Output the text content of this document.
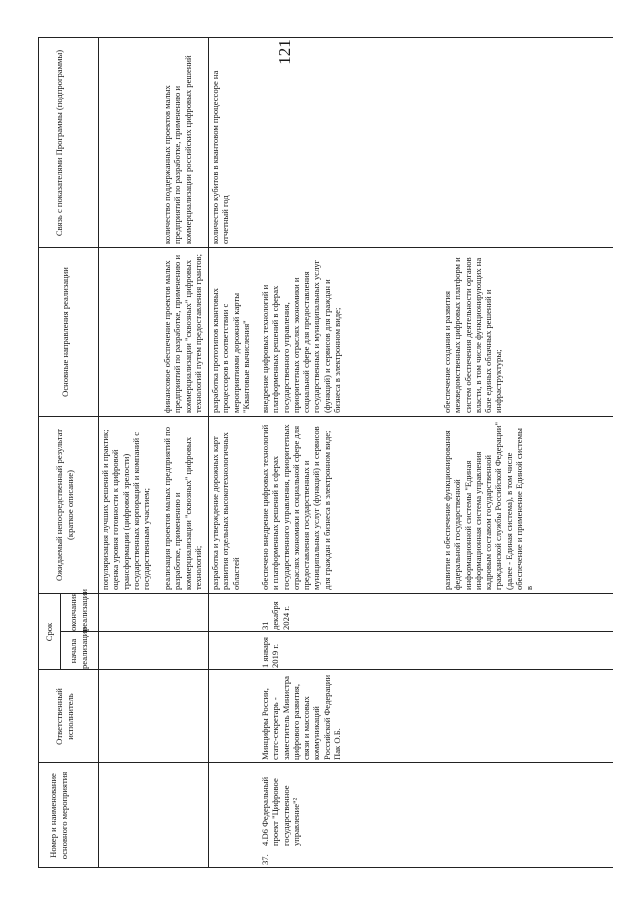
121
Номер и наименование основного мероприятия
Ответственный исполнитель
Срок
начала реализации
окончания реализации
Ожидаемый непосредственный результат (краткое описание)
Основные направления реализации
Связь с показателями Программы (подпрограммы)
популяризация лучших решений и практик;
оценка уровня готовности к цифровой трансформации (цифровой зрелости) государственных корпораций и компаний с государственным участием; реализация проектов малых предприятий по разработке, применению и коммерциализации "сквозных" цифровых технологий;
финансовое обеспечение проектов малых предприятий по разработке, применению и коммерциализации "сквозных" цифровых технологий путем предоставления грантов;
количество поддержанных проектов малых предприятий по разработке, применению и коммерциализации российских цифровых решений
разработка и утверждение дорожных карт развития отдельных высокотехнологичных областей
разработка прототипов квантовых процессоров в соответствии с мероприятиями дорожной карты "Квантовые вычисления"
количество кубитов в квантовом процессоре на отчетный год
37.
4.D6 Федеральный проект "Цифровое государственное управление"²
Минцифры России, статс-секретарь - заместитель Министра цифрового развития, связи и массовых коммуникаций Российской Федерации Пак О.Б.
1 января 2019 г.
31 декабря 2024 г.
обеспечено внедрение цифровых технологий и платформенных решений в сферах государственного управления, приоритетных отраслях экономики и социальной сфере для предоставления государственных и муниципальных услуг (функций) и сервисов для граждан и бизнеса в электронном виде;
внедрение цифровых технологий и платформенных решений в сферах государственного управления, приоритетных отраслях экономики и социальной сфере для предоставления государственных и муниципальных услуг (функций) и сервисов для граждан и бизнеса в электронном виде;
развитие и обеспечение функционирования федеральной государственной информационной системы "Единая информационная система управления кадровым составом государственной гражданской службы Российской Федерации" (далее - Единая система), в том числе обеспечение и применение Единой системы в
обеспечение создания и развития межведомственных цифровых платформ и систем обеспечения деятельности органов власти, в том числе функционирующих на базе единых облачных решений и инфраструктуры;
